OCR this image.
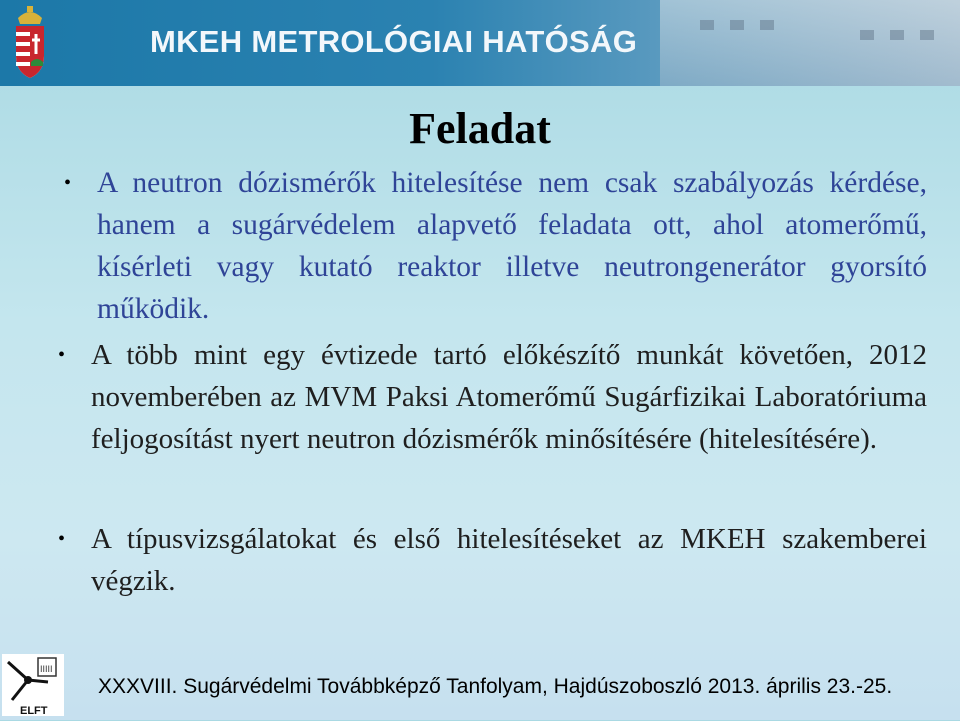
MKEH METROLÓGIAI HATÓSÁG
Feladat
• A neutron dózismérők hitelesítése nem csak szabályozás kérdése, hanem a sugárvédelem alapvető feladata ott, ahol atomerőmű, kísérleti vagy kutató reaktor illetve neutrongenerátor gyorsító működik.

• A több mint egy évtizede tartó előkészítő munkát követően, 2012 novemberében az MVM Paksi Atomerőmű Sugárfizikai Laboratóriuma feljogosítást nyert neutron dózismérők minősítésére (hitelesítésére).

• A típusvizsgálatokat és első hitelesítéseket az MKEH szakemberei végzik.

IIIII
ELFT
XXXVIII. Sugárvédelmi Továbbképző Tanfolyam, Hajdúszoboszló 2013. április 23.-25.
